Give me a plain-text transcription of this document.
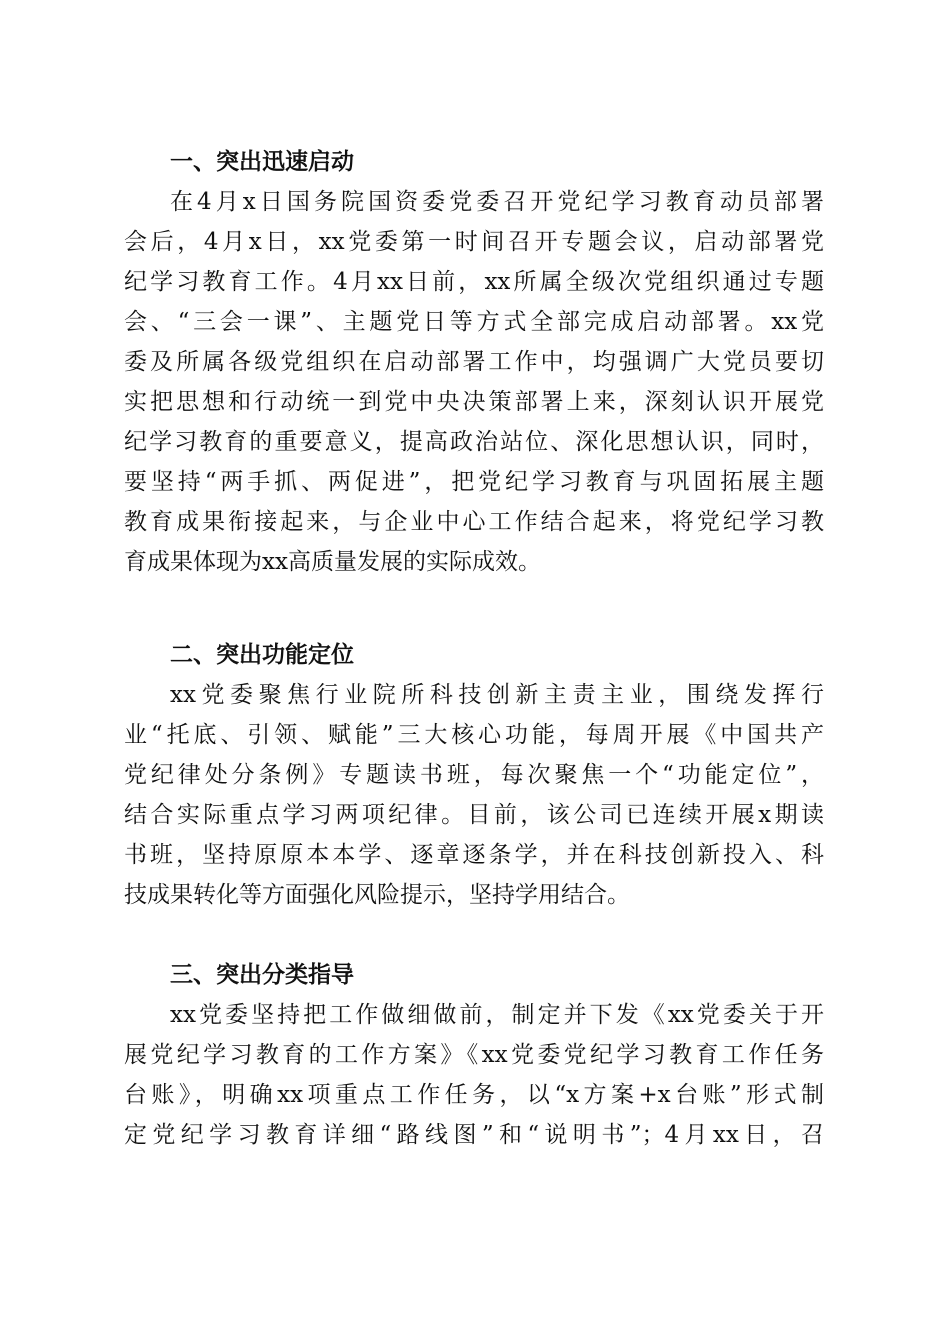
一、突出迅速启动

在4月x日国务院国资委党委召开党纪学习教育动员部署
会后，4月x日，xx党委第一时间召开专题会议，启动部署党
纪学习教育工作。4月xx日前，xx所属全级次党组织通过专题
会、“三会一课”、主题党日等方式全部完成启动部署。xx党
委及所属各级党组织在启动部署工作中，均强调广大党员要切
实把思想和行动统一到党中央决策部署上来，深刻认识开展党
纪学习教育的重要意义，提高政治站位、深化思想认识，同时，
要坚持“两手抓、两促进”，把党纪学习教育与巩固拓展主题
教育成果衔接起来，与企业中心工作结合起来，将党纪学习教
育成果体现为xx高质量发展的实际成效。

二、突出功能定位

xx党委聚焦行业院所科技创新主责主业，围绕发挥行
业“托底、引领、赋能”三大核心功能，每周开展《中国共产
党纪律处分条例》专题读书班，每次聚焦一个“功能定位”，
结合实际重点学习两项纪律。目前，该公司已连续开展x期读
书班，坚持原原本本学、逐章逐条学，并在科技创新投入、科
技成果转化等方面强化风险提示，坚持学用结合。

三、突出分类指导

xx党委坚持把工作做细做前，制定并下发《xx党委关于开
展党纪学习教育的工作方案》《xx党委党纪学习教育工作任务
台账》，明确xx项重点工作任务，以“x方案+x台账”形式制
定党纪学习教育详细“路线图”和“说明书”；4月xx日，召
